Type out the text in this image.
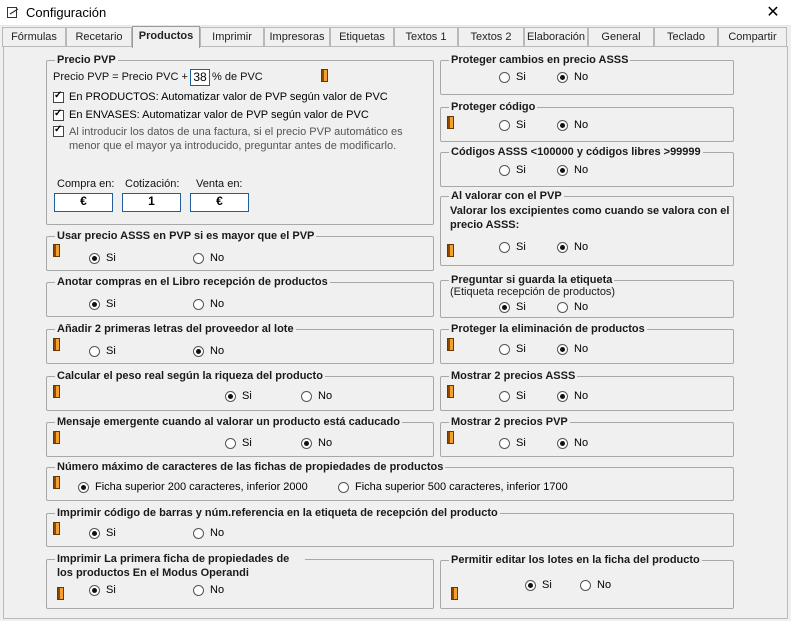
Configuración	✕
Fórmulas	Recetario	Productos	Imprimir	Impresoras	Etiquetas	Textos 1	Textos 2	Elaboración	General	Teclado	Compartir
Precio PVP
Precio PVP = Precio PVC + 38 % de PVC
✓
En PRODUCTOS: Automatizar valor de PVP según valor de PVC
✓
En ENVASES: Automatizar valor de PVP según valor de PVC
✓
Al introducir los datos de una factura, si el precio PVP automático es menor que el mayor ya introducido, preguntar antes de modificarlo.
Compra en:
€
Cotización:
1
Venta en:
€
Usar precio ASSS en PVP si es mayor que el PVP
Si	No
Anotar compras en el Libro recepción de productos
Si	No
Añadir 2 primeras letras del proveedor al lote
Si	No
Calcular el peso real según la riqueza del producto
Si	No
Mensaje emergente cuando al valorar un producto está caducado
Si	No
Proteger cambios en precio ASSS
Si	No
Proteger código
Si	No
Códigos ASSS <100000 y códigos libres >99999
Si	No
Al valorar con el PVP
Valorar los excipientes como cuando se valora con el precio ASSS:
Si	No
Preguntar si guarda la etiqueta
(Etiqueta recepción de productos)
Si	No
Proteger la eliminación de productos
Si	No
Mostrar 2 precios ASSS
Si	No
Mostrar 2 precios PVP
Si	No
Número máximo de caracteres de las fichas de propiedades de productos
Ficha superior 200 caracteres, inferior 2000	Ficha superior 500 caracteres, inferior 1700
Imprimir código de barras y núm.referencia en la etiqueta de recepción del producto
Si	No
Imprimir La primera ficha de propiedades de los productos En el Modus Operandi
Si	No
Permitir editar los lotes en la ficha del producto
Si	No
